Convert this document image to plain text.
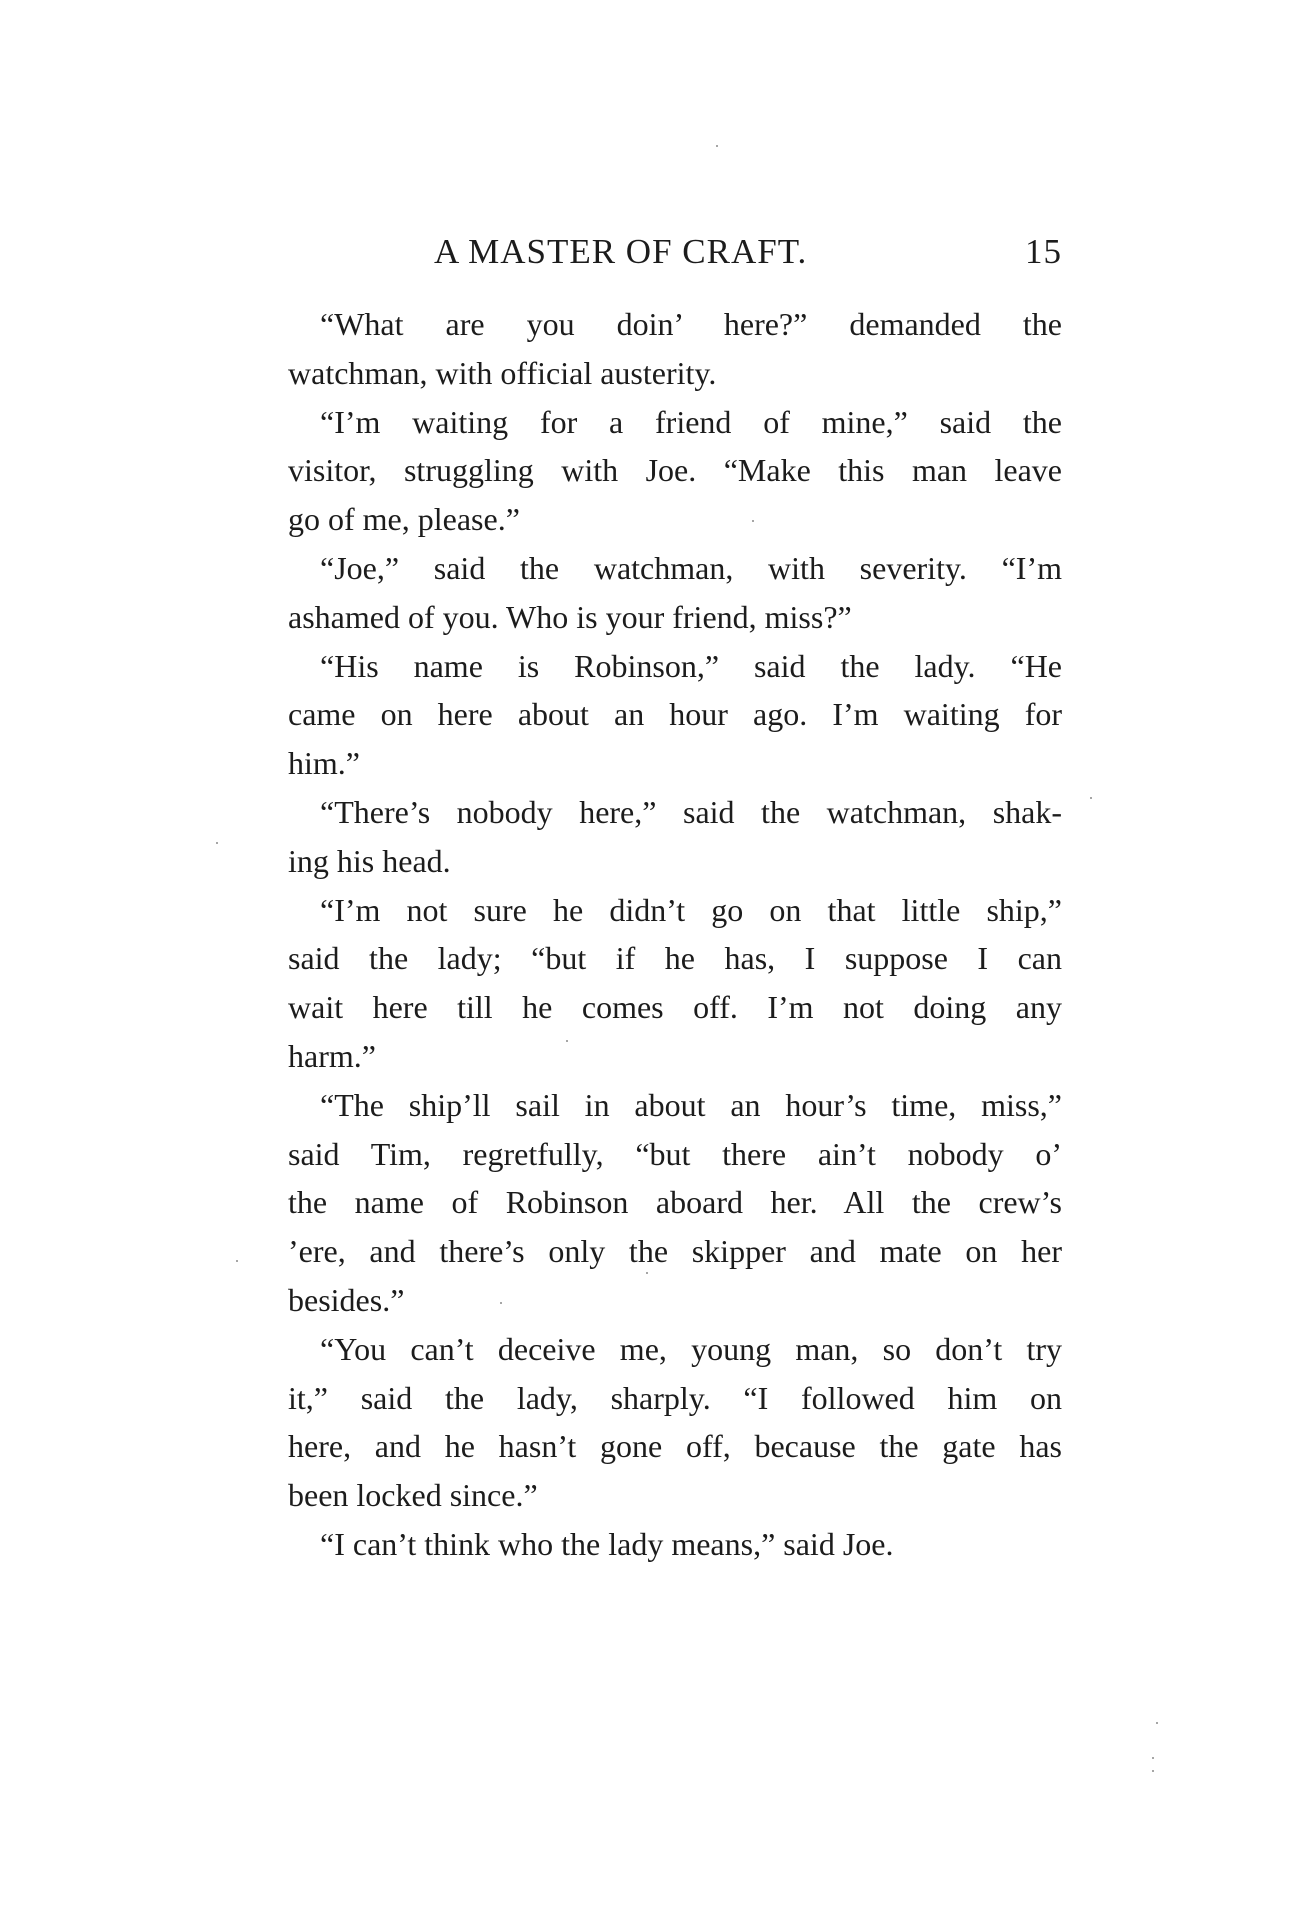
A MASTER OF CRAFT.	15

“What are you doin’ here?” demanded the
watchman, with official austerity.

“I’m waiting for a friend of mine,” said the
visitor, struggling with Joe. “Make this man leave
go of me, please.”

“Joe,” said the watchman, with severity. “I’m
ashamed of you. Who is your friend, miss?”

“His name is Robinson,” said the lady. “He
came on here about an hour ago. I’m waiting for
him.”

“There’s nobody here,” said the watchman, shak-
ing his head.

“I’m not sure he didn’t go on that little ship,”
said the lady; “but if he has, I suppose I can
wait here till he comes off. I’m not doing any
harm.”

“The ship’ll sail in about an hour’s time, miss,”
said Tim, regretfully, “but there ain’t nobody o’
the name of Robinson aboard her. All the crew’s
’ere, and there’s only the skipper and mate on her
besides.”

“You can’t deceive me, young man, so don’t try
it,” said the lady, sharply. “I followed him on
here, and he hasn’t gone off, because the gate has
been locked since.”

“I can’t think who the lady means,” said Joe.
